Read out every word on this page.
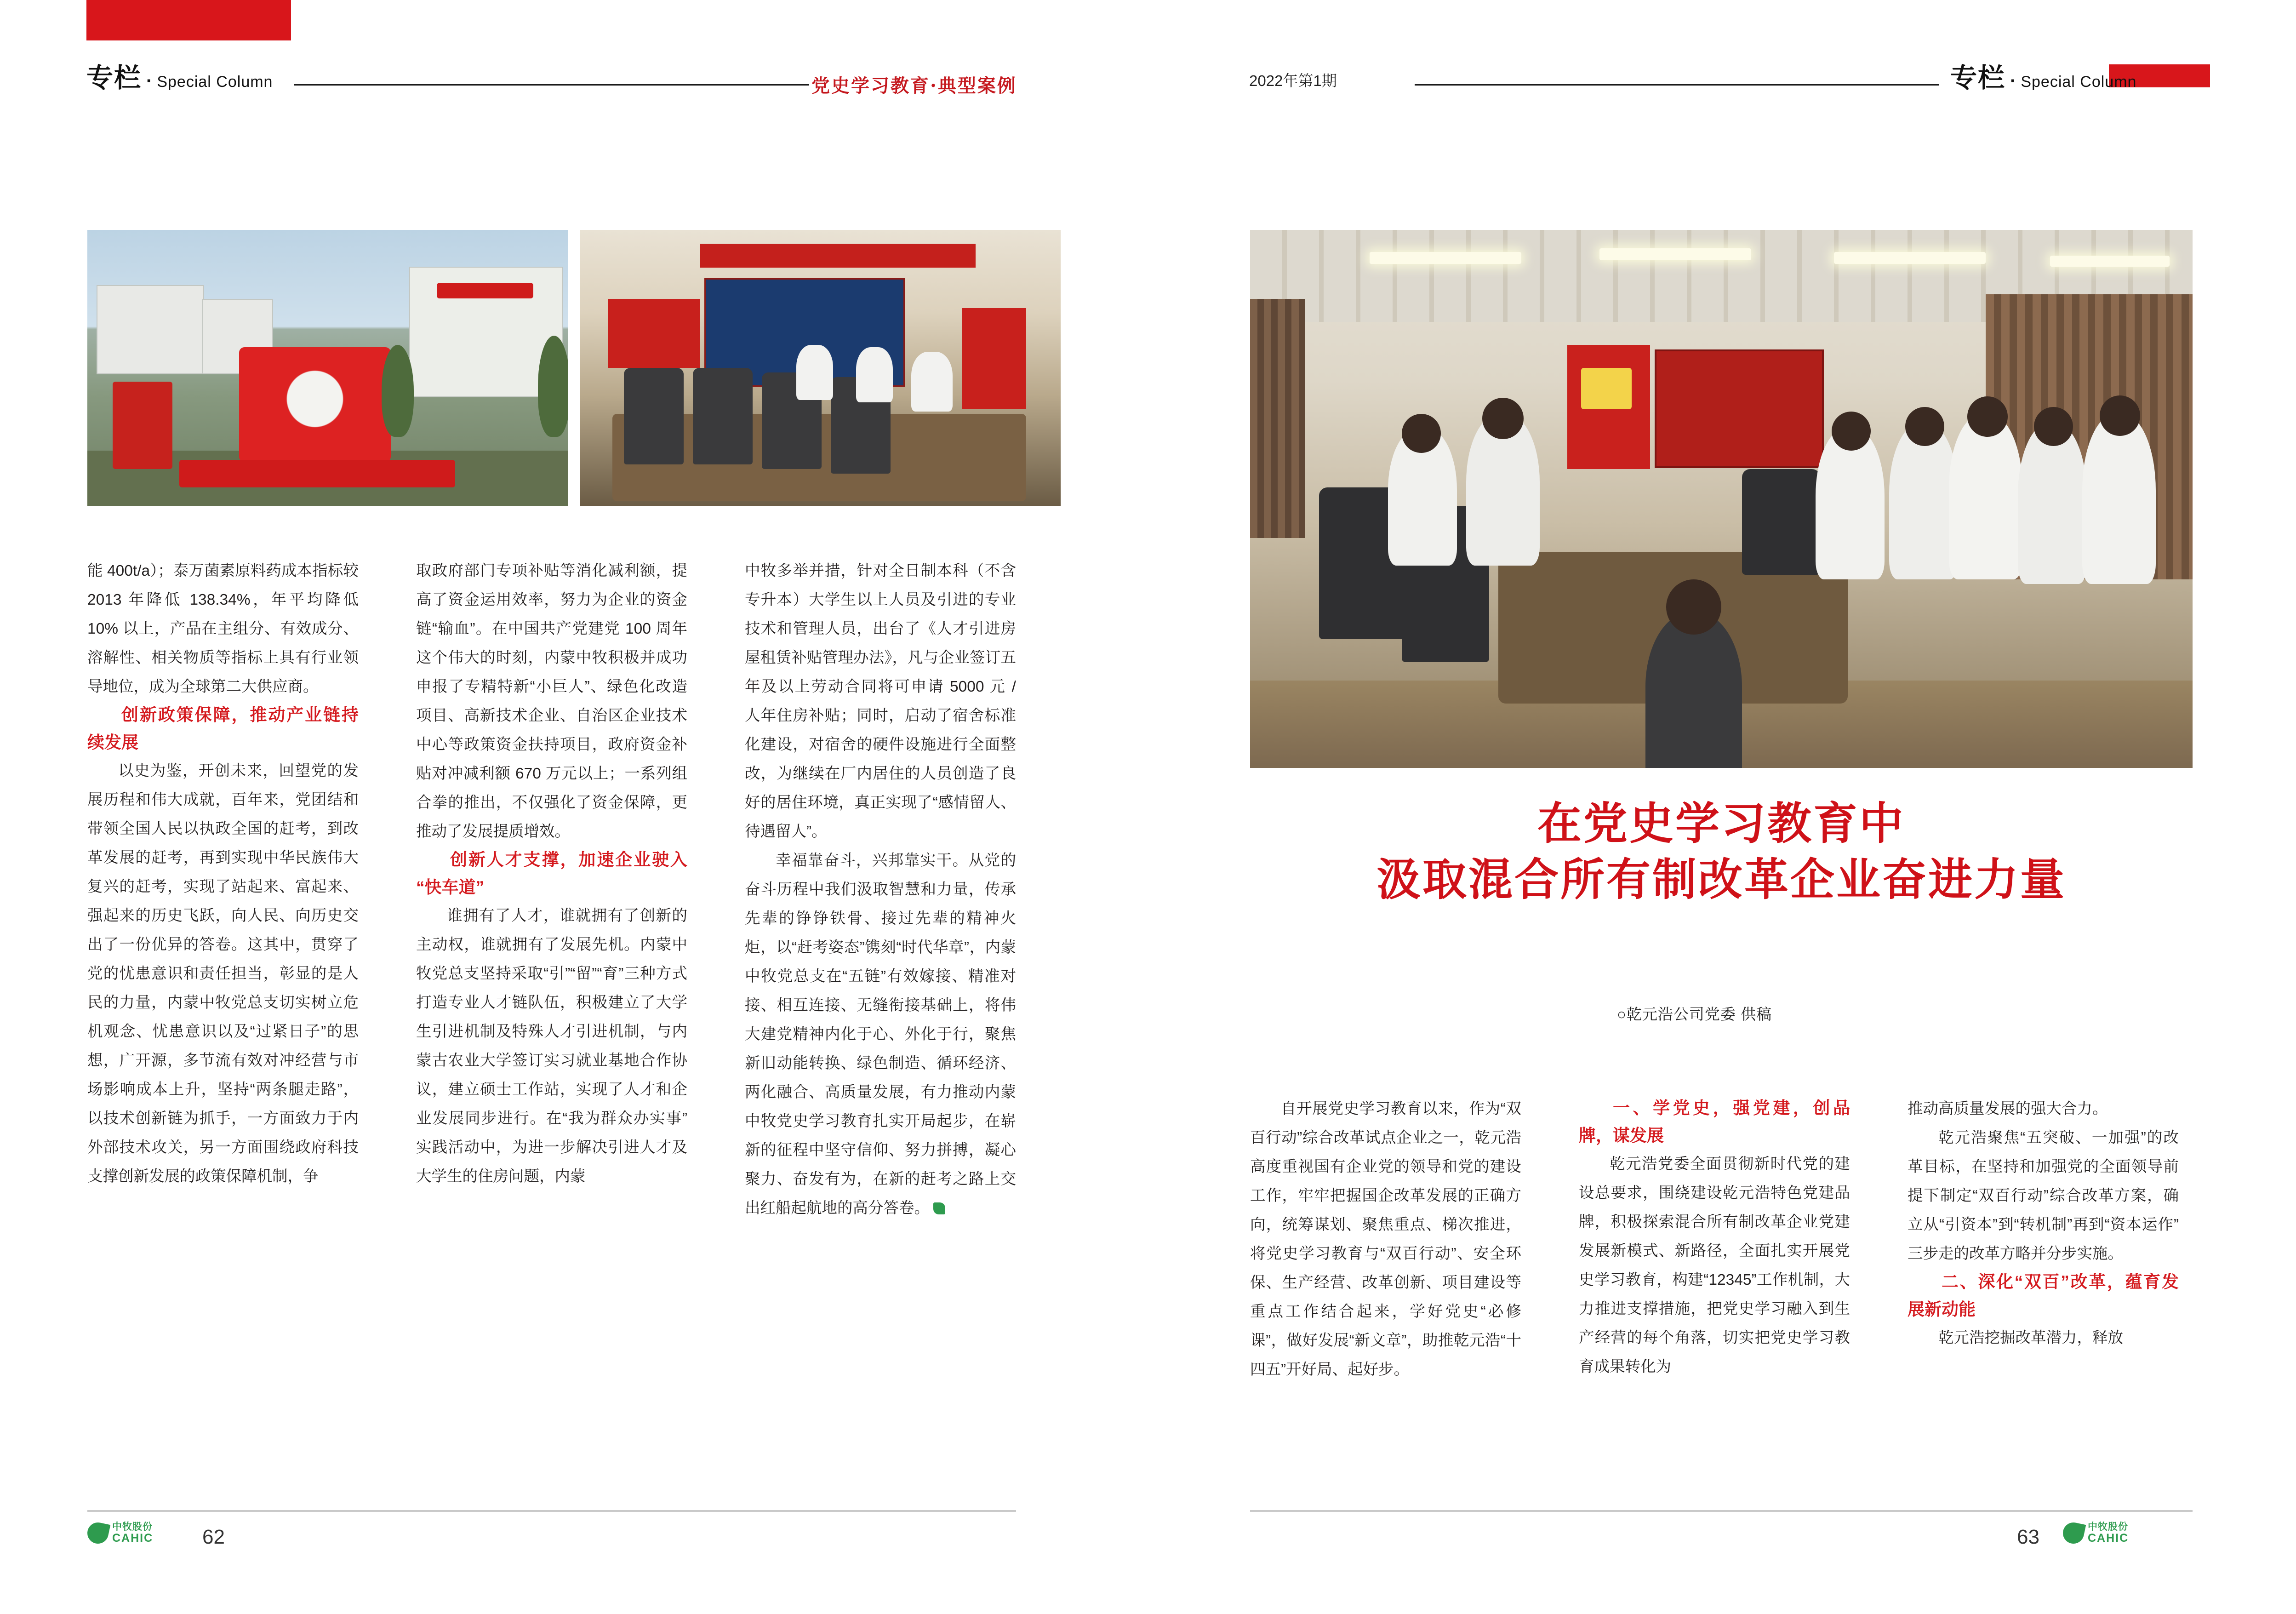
专栏 · Special Column	党史学习教育·典型案例

能 400t/a）；泰万菌素原料药成本指标较 2013 年降低 138.34%，年平均降低 10% 以上，产品在主组分、有效成分、溶解性、相关物质等指标上具有行业领导地位，成为全球第二大供应商。

创新政策保障，推动产业链持续发展

以史为鉴，开创未来，回望党的发展历程和伟大成就，百年来，党团结和带领全国人民以执政全国的赶考，到改革发展的赶考，再到实现中华民族伟大复兴的赶考，实现了站起来、富起来、强起来的历史飞跃，向人民、向历史交出了一份优异的答卷。这其中，贯穿了党的忧患意识和责任担当，彰显的是人民的力量，内蒙中牧党总支切实树立危机观念、忧患意识以及“过紧日子”的思想，广开源，多节流有效对冲经营与市场影响成本上升，坚持“两条腿走路”，以技术创新链为抓手，一方面致力于内外部技术攻关，另一方面围绕政府科技支撑创新发展的政策保障机制，争

取政府部门专项补贴等消化减利额，提高了资金运用效率，努力为企业的资金链“输血”。在中国共产党建党 100 周年这个伟大的时刻，内蒙中牧积极并成功申报了专精特新“小巨人”、绿色化改造项目、高新技术企业、自治区企业技术中心等政策资金扶持项目，政府资金补贴对冲减利额 670 万元以上；一系列组合拳的推出，不仅强化了资金保障，更推动了发展提质增效。

创新人才支撑，加速企业驶入“快车道”

谁拥有了人才，谁就拥有了创新的主动权，谁就拥有了发展先机。内蒙中牧党总支坚持采取“引”“留”“育”三种方式打造专业人才链队伍，积极建立了大学生引进机制及特殊人才引进机制，与内蒙古农业大学签订实习就业基地合作协议，建立硕士工作站，实现了人才和企业发展同步进行。在“我为群众办实事”实践活动中，为进一步解决引进人才及大学生的住房问题，内蒙

中牧多举并措，针对全日制本科（不含专升本）大学生以上人员及引进的专业技术和管理人员，出台了《人才引进房屋租赁补贴管理办法》，凡与企业签订五年及以上劳动合同将可申请 5000 元 / 人年住房补贴；同时，启动了宿舍标准化建设，对宿舍的硬件设施进行全面整改，为继续在厂内居住的人员创造了良好的居住环境，真正实现了“感情留人、待遇留人”。

幸福靠奋斗，兴邦靠实干。从党的奋斗历程中我们汲取智慧和力量，传承先辈的铮铮铁骨、接过先辈的精神火炬，以“赶考姿态”镌刻“时代华章”，内蒙中牧党总支在“五链”有效嫁接、精准对接、相互连接、无缝衔接基础上，将伟大建党精神内化于心、外化于行，聚焦新旧动能转换、绿色制造、循环经济、两化融合、高质量发展，有力推动内蒙中牧党史学习教育扎实开局起步，在崭新的征程中坚守信仰、努力拼搏，凝心聚力、奋发有为，在新的赶考之路上交出红船起航地的高分答卷。

中牧股份
CAHIC 62
2022年第1期	专栏 · Special Column
在党史学习教育中
汲取混合所有制改革企业奋进力量
○乾元浩公司党委 供稿

自开展党史学习教育以来，作为“双百行动”综合改革试点企业之一，乾元浩高度重视国有企业党的领导和党的建设工作，牢牢把握国企改革发展的正确方向，统筹谋划、聚焦重点、梯次推进，将党史学习教育与“双百行动”、安全环保、生产经营、改革创新、项目建设等重点工作结合起来，学好党史“必修课”，做好发展“新文章”，助推乾元浩“十四五”开好局、起好步。

一、学党史，强党建，创品牌，谋发展

乾元浩党委全面贯彻新时代党的建设总要求，围绕建设乾元浩特色党建品牌，积极探索混合所有制改革企业党建发展新模式、新路径，全面扎实开展党史学习教育，构建“12345”工作机制，大力推进支撑措施，把党史学习融入到生产经营的每个角落，切实把党史学习教育成果转化为

推动高质量发展的强大合力。

乾元浩聚焦“五突破、一加强”的改革目标，在坚持和加强党的全面领导前提下制定“双百行动”综合改革方案，确立从“引资本”到“转机制”再到“资本运作”三步走的改革方略并分步实施。

二、深化“双百”改革，蕴育发展新动能

乾元浩挖掘改革潜力，释放

63	中牧股份
CAHIC
